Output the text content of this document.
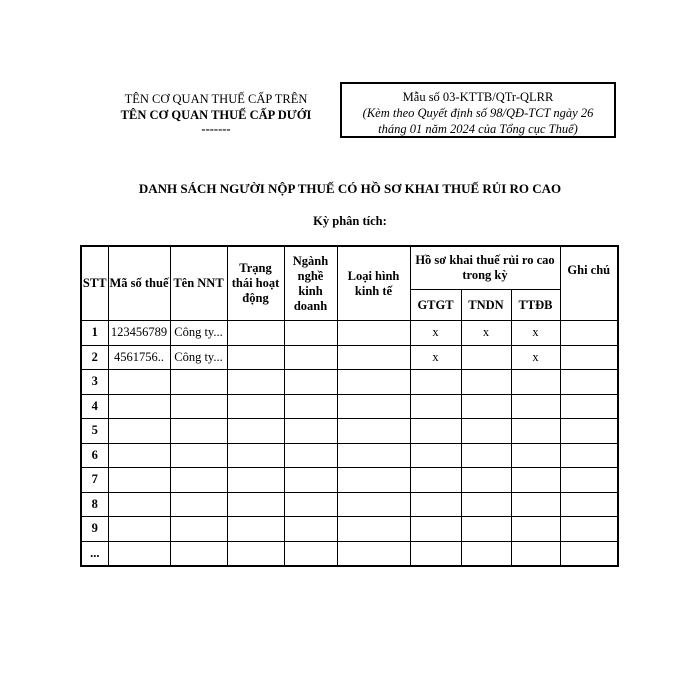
TÊN CƠ QUAN THUẾ CẤP TRÊN
TÊN CƠ QUAN THUẾ CẤP DƯỚI
-------
Mẫu số 03-KTTB/QTr-QLRR
(Kèm theo Quyết định số 98/QĐ-TCT ngày 26
tháng 01 năm 2024 của Tổng cục Thuế)
DANH SÁCH NGƯỜI NỘP THUẾ CÓ HỒ SƠ KHAI THUẾ RỦI RO CAO
Kỳ phân tích:
STT	Mã số thuế	Tên NNT	Trạng thái hoạt động	Ngành nghề kinh doanh	Loại hình kinh tế	Hồ sơ khai thuế rủi ro cao trong kỳ			Ghi chú
						GTGT	TNDN	TTĐB	
1	123456789	Công ty...				x	x	x	
2	4561756..	Công ty...				x		x	
3									
4									
5									
6									
7									
8									
9									
...									
